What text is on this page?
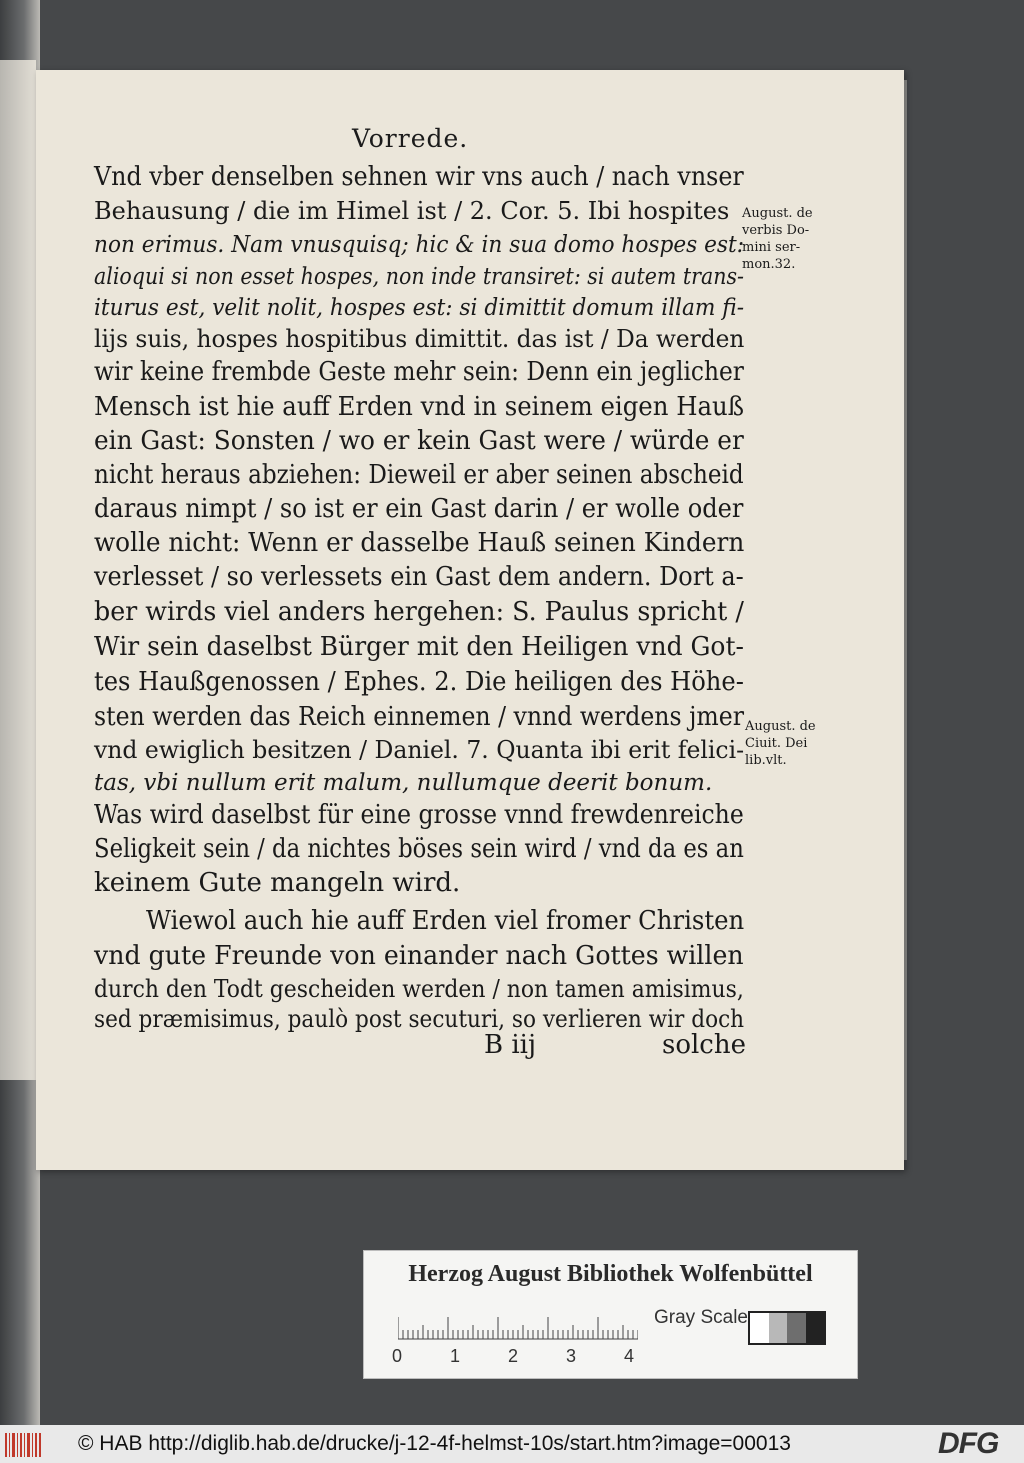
Vorrede.
Vnd vber denselben sehnen wir vns auch / nach vnser
Behausung / die im Himel ist / 2. Cor. 5. Ibi hospites
non erimus. Nam vnusquisq; hic & in sua domo hospes est:
alioqui si non esset hospes, non inde transiret: si autem trans-
iturus est, velit nolit, hospes est: si dimittit domum illam fi-
lijs suis, hospes hospitibus dimittit. das ist / Da werden
wir keine frembde Geste mehr sein: Denn ein jeglicher
Mensch ist hie auff Erden vnd in seinem eigen Hauß
ein Gast: Sonsten / wo er kein Gast were / würde er
nicht heraus abziehen: Dieweil er aber seinen abscheid
daraus nimpt / so ist er ein Gast darin / er wolle oder
wolle nicht: Wenn er dasselbe Hauß seinen Kindern
verlesset / so verlessets ein Gast dem andern. Dort a-
ber wirds viel anders hergehen: S. Paulus spricht /
Wir sein daselbst Bürger mit den Heiligen vnd Got-
tes Haußgenossen / Ephes. 2. Die heiligen des Höhe-
sten werden das Reich einnemen / vnnd werdens jmer
vnd ewiglich besitzen / Daniel. 7. Quanta ibi erit felici-
tas, vbi nullum erit malum, nullumque deerit bonum.
Was wird daselbst für eine grosse vnnd frewdenreiche
Seligkeit sein / da nichtes böses sein wird / vnd da es an
keinem Gute mangeln wird.
Wiewol auch hie auff Erden viel fromer Christen
vnd gute Freunde von einander nach Gottes willen
durch den Todt gescheiden werden / non tamen amisimus,
sed præmisimus, paulò post secuturi, so verlieren wir doch
August. de
verbis Do-
mini ser-
mon.32.
August. de
Ciuit. Dei
lib.vlt.
B iij	solche
Herzog August Bibliothek Wolfenbüttel
0	1	2	3	4
Gray Scale
© HAB http://diglib.hab.de/drucke/j-12-4f-helmst-10s/start.htm?image=00013	DFG
